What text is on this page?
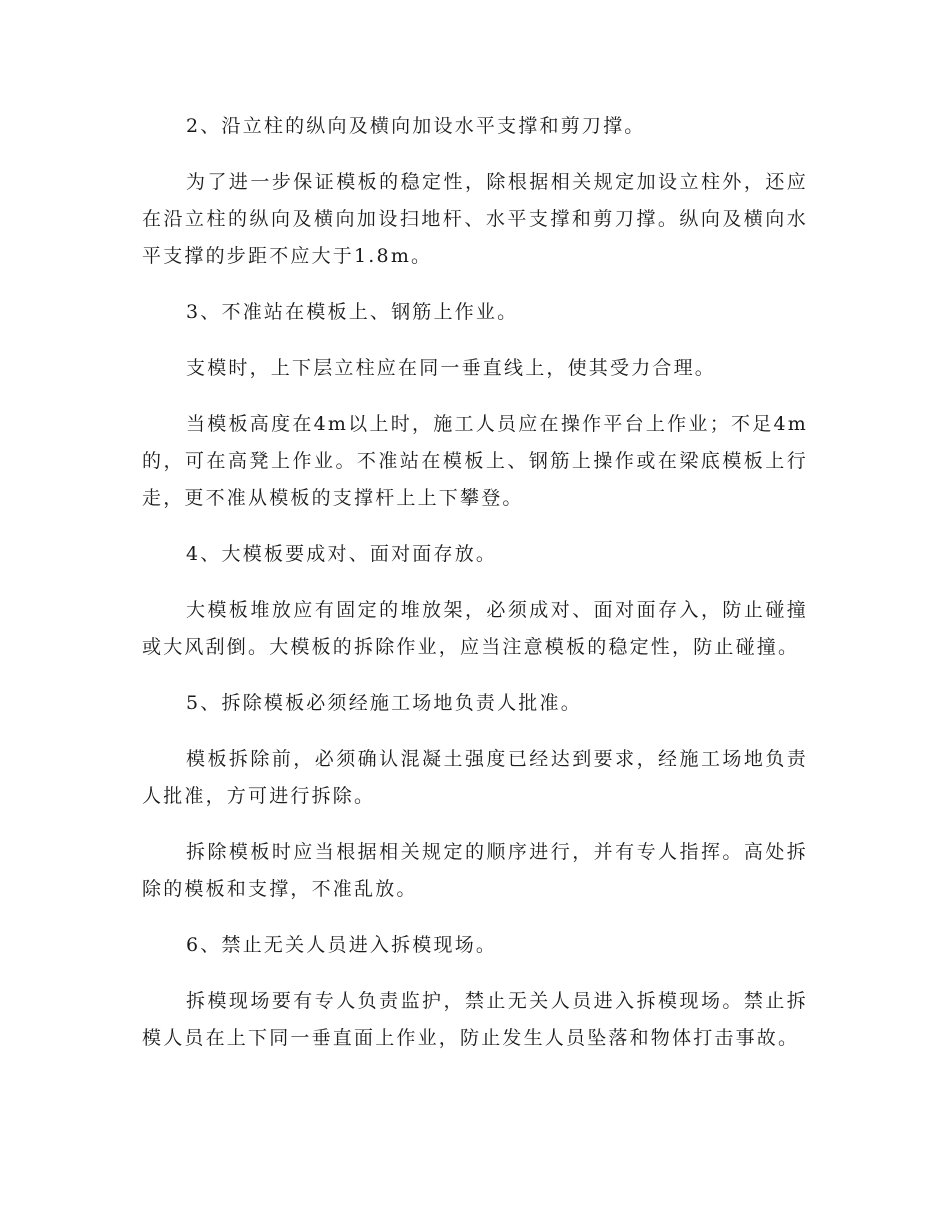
2、沿立柱的纵向及横向加设水平支撑和剪刀撑。

为了进一步保证模板的稳定性，除根据相关规定加设立柱外，还应在沿立柱的纵向及横向加设扫地杆、水平支撑和剪刀撑。纵向及横向水平支撑的步距不应大于1.8m。

3、不准站在模板上、钢筋上作业。

支模时，上下层立柱应在同一垂直线上，使其受力合理。

当模板高度在4m以上时，施工人员应在操作平台上作业；不足4m的，可在高凳上作业。不准站在模板上、钢筋上操作或在梁底模板上行走，更不准从模板的支撑杆上上下攀登。

4、大模板要成对、面对面存放。

大模板堆放应有固定的堆放架，必须成对、面对面存入，防止碰撞或大风刮倒。大模板的拆除作业，应当注意模板的稳定性，防止碰撞。

5、拆除模板必须经施工场地负责人批准。

模板拆除前，必须确认混凝土强度已经达到要求，经施工场地负责人批准，方可进行拆除。

拆除模板时应当根据相关规定的顺序进行，并有专人指挥。高处拆除的模板和支撑，不准乱放。

6、禁止无关人员进入拆模现场。

拆模现场要有专人负责监护，禁止无关人员进入拆模现场。禁止拆模人员在上下同一垂直面上作业，防止发生人员坠落和物体打击事故。
